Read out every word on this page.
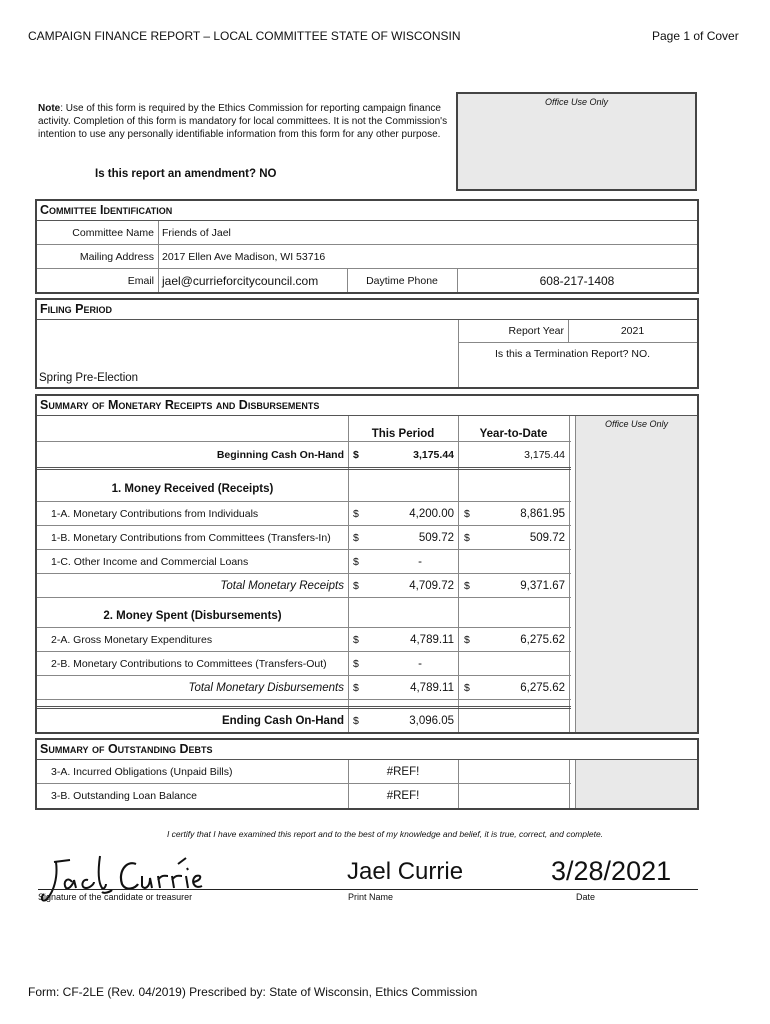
CAMPAIGN FINANCE REPORT – LOCAL COMMITTEE STATE OF WISCONSIN	Page 1 of Cover
Note: Use of this form is required by the Ethics Commission for reporting campaign finance activity. Completion of this form is mandatory for local committees. It is not the Commission's intention to use any personally identifiable information from this form for any other purpose.
Is this report an amendment? NO
Office Use Only
Committee Identification
Committee Name Friends of Jael
Mailing Address 2017 Ellen Ave Madison, WI 53716
Email jael@currieforcitycouncil.com	Daytime Phone	608-217-1408
Filing Period
Spring Pre-Election
Report Year	2021
Is this a Termination Report? NO.
Summary of Monetary Receipts and Disbursements
Office Use Only
This Period	Year-to-Date
Beginning Cash On-Hand $	3,175.44	3,175.44
1. Money Received (Receipts)
1-A. Monetary Contributions from Individuals	$	4,200.00 $	8,861.95
1-B. Monetary Contributions from Committees (Transfers-In)	$	509.72 $	509.72
1-C. Other Income and Commercial Loans	$	-
Total Monetary Receipts $	4,709.72 $	9,371.67
2. Money Spent (Disbursements)
2-A. Gross Monetary Expenditures	$	4,789.11 $	6,275.62
2-B. Monetary Contributions to Committees (Transfers-Out)	$	-
Total Monetary Disbursements $	4,789.11 $	6,275.62
Ending Cash On-Hand $	3,096.05
Summary of Outstanding Debts
3-A. Incurred Obligations (Unpaid Bills)	#REF!
3-B. Outstanding Loan Balance	#REF!
I certify that I have examined this report and to the best of my knowledge and belief, it is true, correct, and complete.
Jael Currie	3/28/2021
Signature of the candidate or treasurer	Print Name	Date
Form: CF-2LE (Rev. 04/2019) Prescribed by: State of Wisconsin, Ethics Commission
